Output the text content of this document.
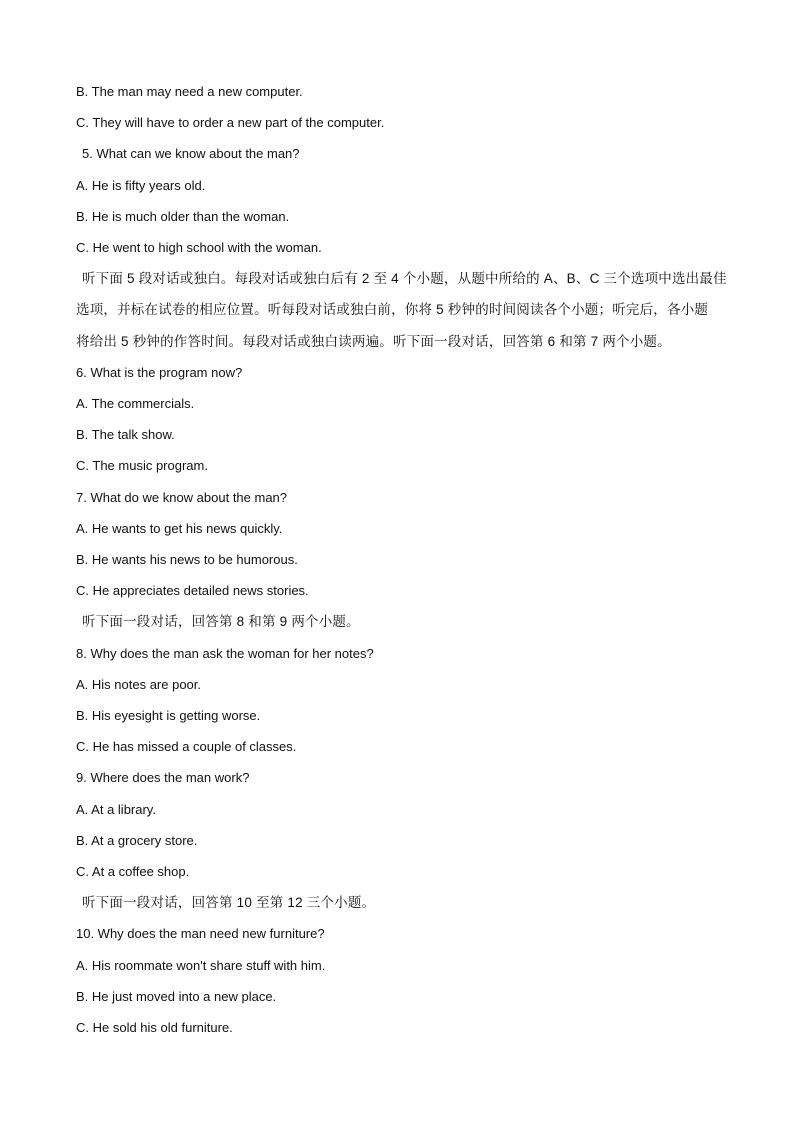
B. The man may need a new computer.

C. They will have to order a new part of the computer.

5. What can we know about the man?

A. He is fifty years old.

B. He is much older than the woman.

C. He went to high school with the woman.

听下面 5 段对话或独白。每段对话或独白后有 2 至 4 个小题，从题中所给的 A、B、C 三个选项中选出最佳

选项，并标在试卷的相应位置。听每段对话或独白前，你将 5 秒钟的时间阅读各个小题；听完后，各小题

将给出 5 秒钟的作答时间。每段对话或独白读两遍。听下面一段对话，回答第 6 和第 7 两个小题。

6. What is the program now?

A. The commercials.

B. The talk show.

C. The music program.

7. What do we know about the man?

A. He wants to get his news quickly.

B. He wants his news to be humorous.

C. He appreciates detailed news stories.

听下面一段对话，回答第 8 和第 9 两个小题。

8. Why does the man ask the woman for her notes?

A. His notes are poor.

B. His eyesight is getting worse.

C. He has missed a couple of classes.

9. Where does the man work?

A. At a library.

B. At a grocery store.

C. At a coffee shop.

听下面一段对话，回答第 10 至第 12 三个小题。

10. Why does the man need new furniture?

A. His roommate won't share stuff with him.

B. He just moved into a new place.

C. He sold his old furniture.
